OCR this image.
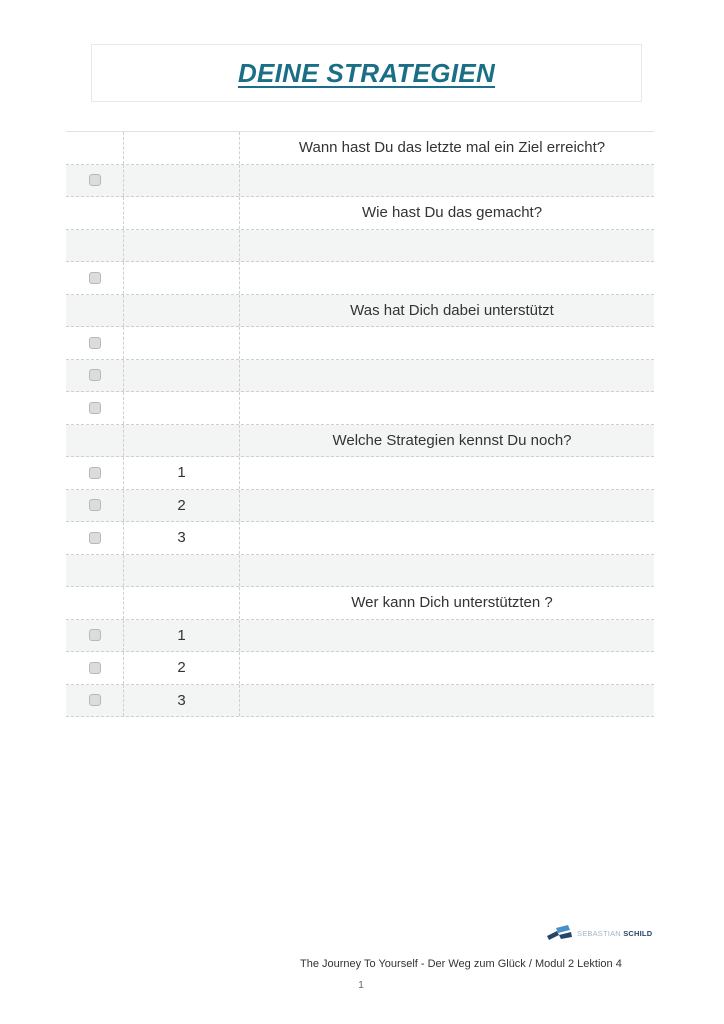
DEINE STRATEGIEN
Wann hast Du das letzte mal ein Ziel erreicht?
Wie hast Du das gemacht?
Was hat Dich dabei unterstützt
Welche Strategien kennst Du noch?
1
2
3
Wer kann Dich unterstützten ?
1
2
3
SEBASTIAN SCHILD
The Journey To Yourself - Der Weg zum Glück / Modul 2 Lektion 4
1
